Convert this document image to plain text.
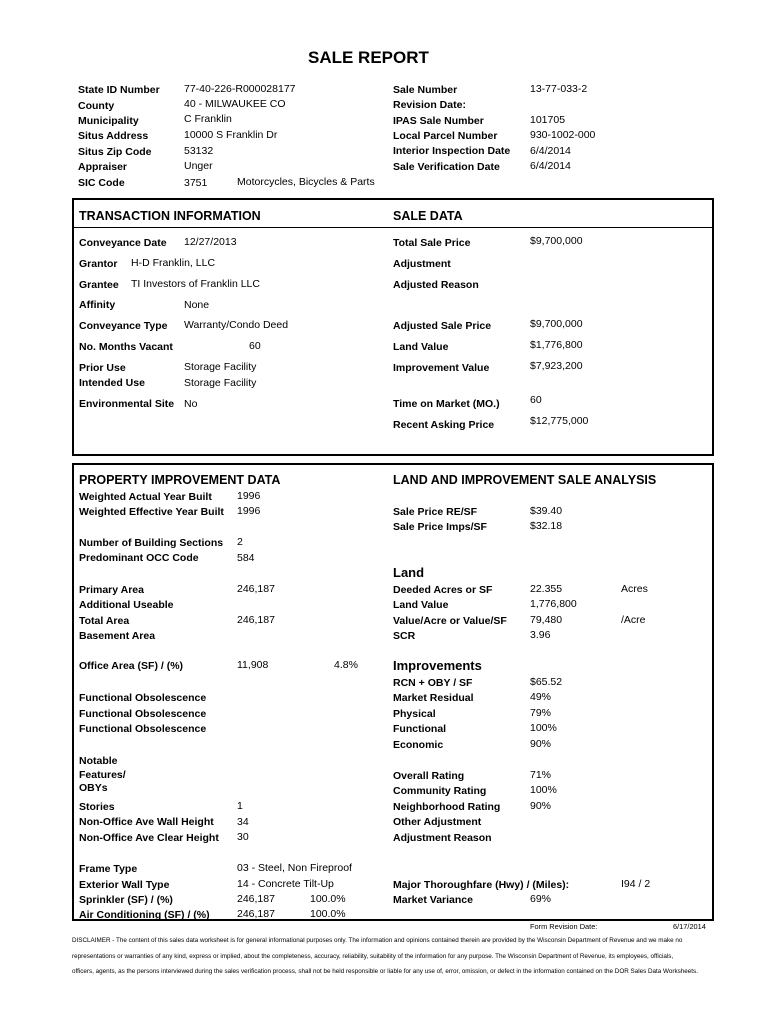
SALE REPORT
State ID Number 77-40-226-R000028177
County	40 - MILWAUKEE CO
Municipality	C Franklin
Situs Address	10000 S Franklin Dr
Situs Zip Code	53132
Appraiser	Unger
SIC Code	3751	Motorcycles, Bicycles & Parts
Sale Number	13-77-033-2
Revision Date:
IPAS Sale Number	101705
Local Parcel Number	930-1002-000
Interior Inspection Date 6/4/2014
Sale Verification Date	6/4/2014
TRANSACTION INFORMATION
Conveyance Date 12/27/2013
Grantor H-D Franklin, LLC
Grantee TI Investors of Franklin LLC
Affinity	None
Conveyance Type Warranty/Condo Deed
No. Months Vacant	60
Prior Use	Storage Facility
Intended Use	Storage Facility
Environmental Site No
SALE DATA
Total Sale Price	$9,700,000
Adjustment
Adjusted Reason
Adjusted Sale Price	$9,700,000
Land Value	$1,776,800
Improvement Value	$7,923,200
Time on Market (MO.)	60
Recent Asking Price	$12,775,000
PROPERTY IMPROVEMENT DATA
Weighted Actual Year Built 1996
Weighted Effective Year Built 1996
Number of Building Sections 2
Predominant OCC Code	584
Primary Area	246,187
Additional Useable
Total Area	246,187
Basement Area
Office Area (SF) / (%)	11,908	4.8%
Functional Obsolescence
Functional Obsolescence
Functional Obsolescence
Notable
Features/
OBYs
Stories	1
Non-Office Ave Wall Height 34
Non-Office Ave Clear Height 30
Frame Type	03 - Steel, Non Fireproof
Exterior Wall Type	14 - Concrete Tilt-Up
Sprinkler (SF) / (%)	246,187	100.0%
Air Conditioning (SF) / (%)	246,187	100.0%
LAND AND IMPROVEMENT SALE ANALYSIS
Sale Price RE/SF	$39.40
Sale Price Imps/SF	$32.18
Land
Deeded Acres or SF	22.355	Acres
Land Value	1,776,800
Value/Acre or Value/SF 79,480	/Acre
SCR	3.96
Improvements
RCN + OBY / SF	$65.52
Market Residual	49%
Physical	79%
Functional	100%
Economic	90%
Overall Rating	71%
Community Rating	100%
Neighborhood Rating	90%
Other Adjustment
Adjustment Reason
Major Thoroughfare (Hwy) / (Miles):	I94 / 2
Market Variance	69%
Form Revision Date:	6/17/2014
DISCLAIMER - The content of this sales data worksheet is for general informational purposes only. The information and opinions contained therein are provided by the Wisconsin Department of Revenue and we make no
representations or warranties of any kind, express or implied, about the completeness, accuracy, reliability, suitability of the information for any purpose. The Wisconsin Department of Revenue, its employees, officials,
officers, agents, as the persons interviewed during the sales verification process, shall not be held responsible or liable for any use of, error, omission, or defect in the information contained on the DOR Sales Data Worksheets.
